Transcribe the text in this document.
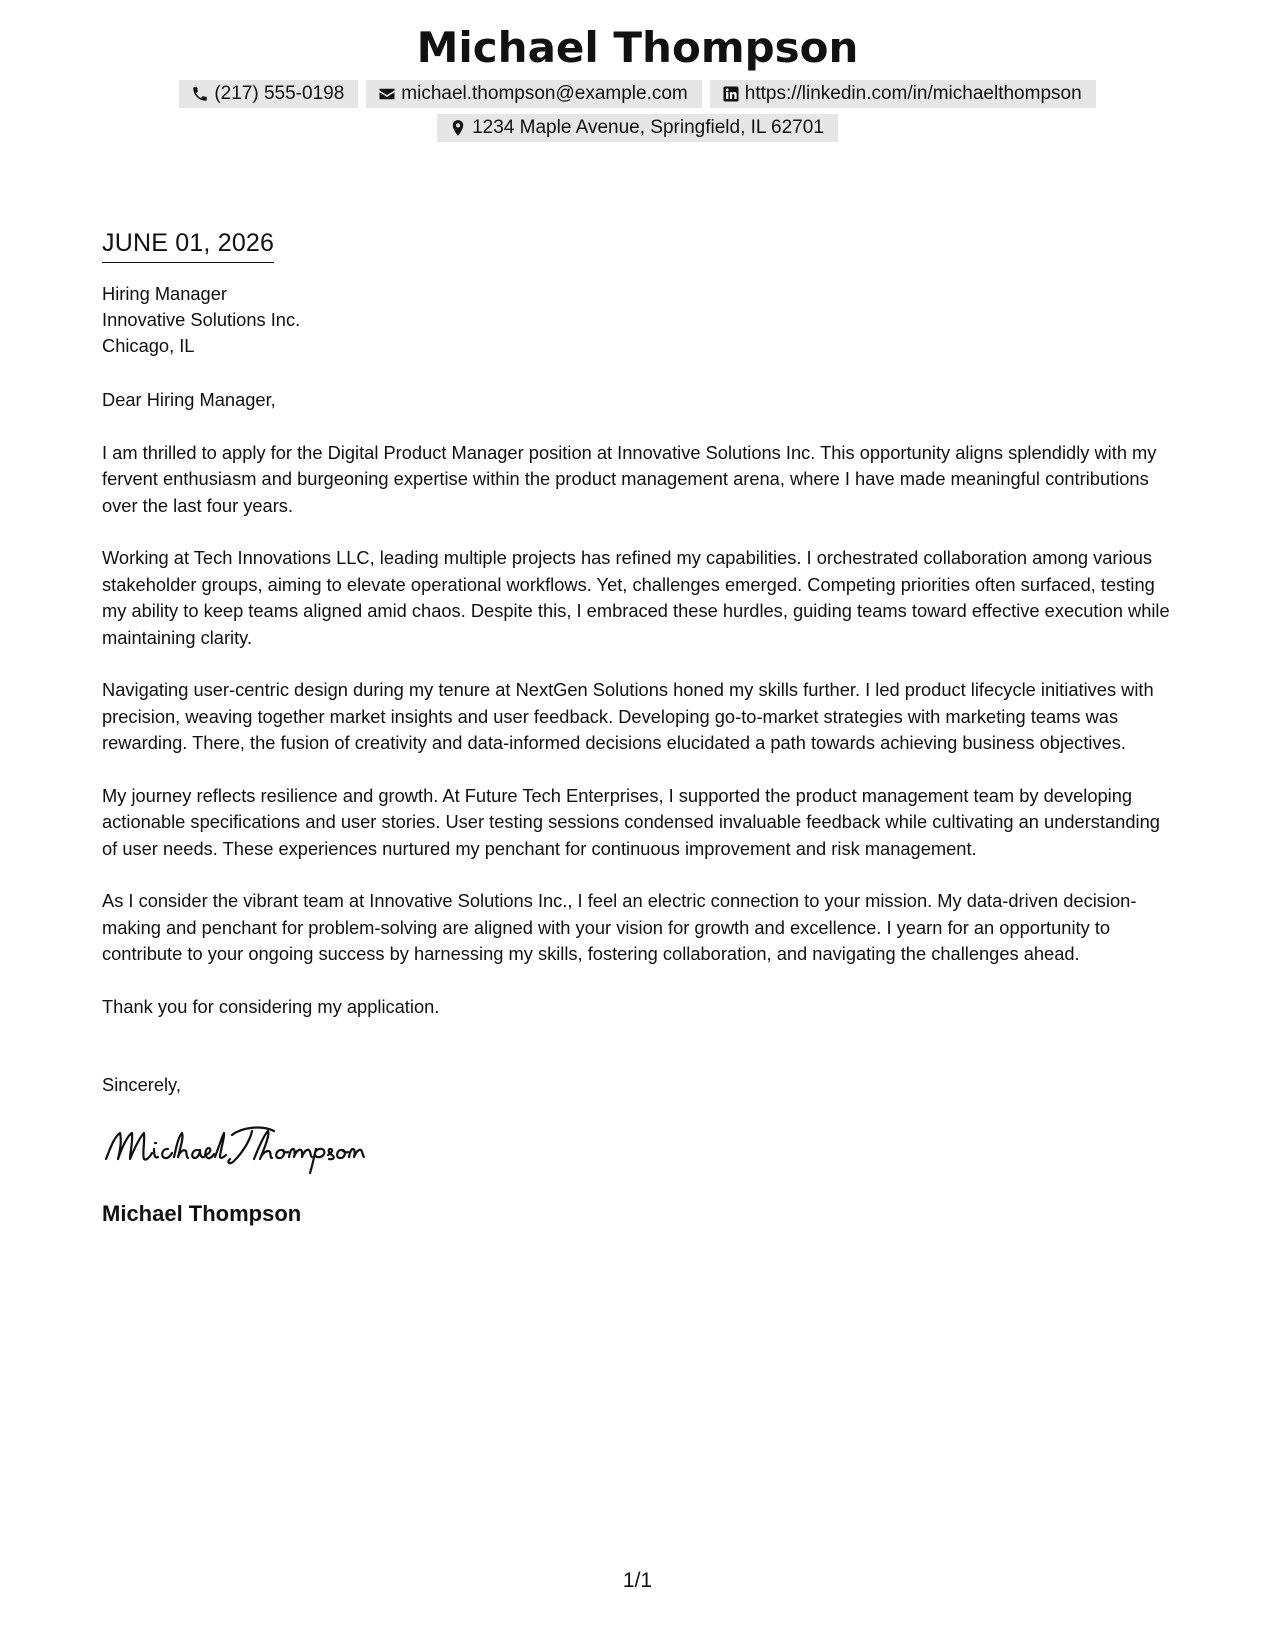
Michael Thompson
(217) 555-0198	michael.thompson@example.com	https://linkedin.com/in/michaelthompson
1234 Maple Avenue, Springfield, IL 62701
JUNE 01, 2026
Hiring Manager
Innovative Solutions Inc.
Chicago, IL
Dear Hiring Manager,

I am thrilled to apply for the Digital Product Manager position at Innovative Solutions Inc. This opportunity aligns splendidly with my fervent enthusiasm and burgeoning expertise within the product management arena, where I have made meaningful contributions over the last four years.

Working at Tech Innovations LLC, leading multiple projects has refined my capabilities. I orchestrated collaboration among various stakeholder groups, aiming to elevate operational workflows. Yet, challenges emerged. Competing priorities often surfaced, testing my ability to keep teams aligned amid chaos. Despite this, I embraced these hurdles, guiding teams toward effective execution while maintaining clarity.

Navigating user-centric design during my tenure at NextGen Solutions honed my skills further. I led product lifecycle initiatives with precision, weaving together market insights and user feedback. Developing go-to-market strategies with marketing teams was rewarding. There, the fusion of creativity and data-informed decisions elucidated a path towards achieving business objectives.

My journey reflects resilience and growth. At Future Tech Enterprises, I supported the product management team by developing actionable specifications and user stories. User testing sessions condensed invaluable feedback while cultivating an understanding of user needs. These experiences nurtured my penchant for continuous improvement and risk management.

As I consider the vibrant team at Innovative Solutions Inc., I feel an electric connection to your mission. My data-driven decision-making and penchant for problem-solving are aligned with your vision for growth and excellence. I yearn for an opportunity to contribute to your ongoing success by harnessing my skills, fostering collaboration, and navigating the challenges ahead.

Thank you for considering my application.

Sincerely,
Michael Thompson
1/1
